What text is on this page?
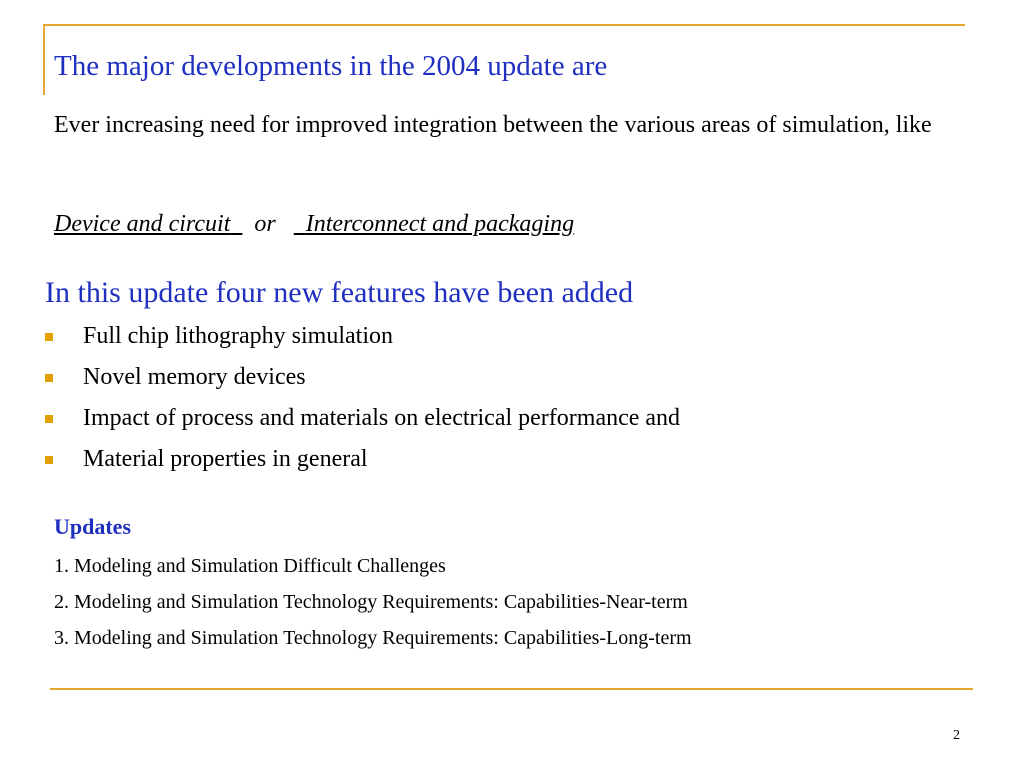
The major developments in the 2004 update are

Ever increasing need for improved integration between the various areas of simulation, like

Device and circuit or Interconnect and packaging

In this update four new features have been added
Full chip lithography simulation
Novel memory devices
Impact of process and materials on electrical performance and
Material properties in general
Updates
1. Modeling and Simulation Difficult Challenges
2. Modeling and Simulation Technology Requirements: Capabilities-Near-term
3. Modeling and Simulation Technology Requirements: Capabilities-Long-term
2
